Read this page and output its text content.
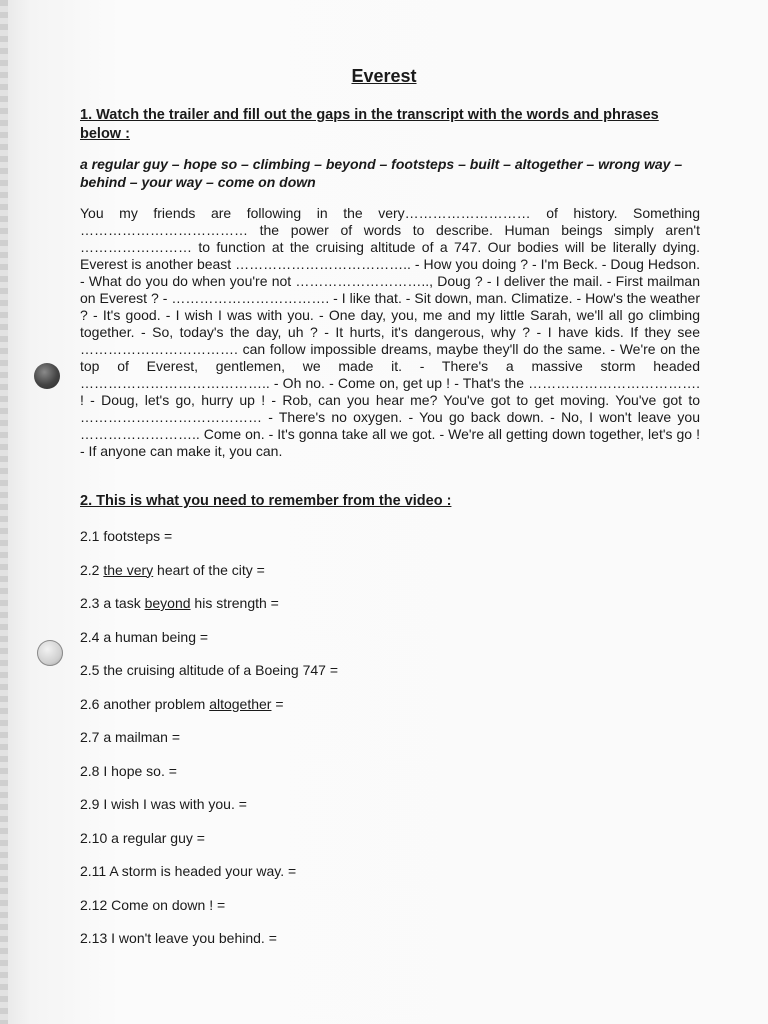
Everest
1. Watch the trailer and fill out the gaps in the transcript with the words and phrases below :
a regular guy – hope so – climbing – beyond – footsteps – built – altogether – wrong way – behind – your way – come on down
You my friends are following in the very……………………… of history. Something ……………………………… the power of words to describe. Human beings simply aren't …………………… to function at the cruising altitude of a 747. Our bodies will be literally dying. Everest is another beast ……………………………….. - How you doing ? - I'm Beck. - Doug Hedson. - What do you do when you're not ……………………….., Doug ? - I deliver the mail. - First mailman on Everest ? - ……………………………. - I like that. - Sit down, man. Climatize. - How's the weather ? - It's good. - I wish I was with you. - One day, you, me and my little Sarah, we'll all go climbing together. - So, today's the day, uh ? - It hurts, it's dangerous, why ? - I have kids. If they see ……………………………. can follow impossible dreams, maybe they'll do the same. - We're on the top of Everest, gentlemen, we made it. - There's a massive storm headed ………………………………….. - Oh no. - Come on, get up ! - That's the ………………………………. ! - Doug, let's go, hurry up ! - Rob, can you hear me? You've got to get moving. You've got to ………………………………… - There's no oxygen. - You go back down. - No, I won't leave you …………………….. Come on. - It's gonna take all we got. - We're all getting down together, let's go ! - If anyone can make it, you can.
2. This is what you need to remember from the video :
2.1 footsteps =
2.2 the very heart of the city =
2.3 a task beyond his strength =
2.4 a human being =
2.5 the cruising altitude of a Boeing 747 =
2.6 another problem altogether =
2.7 a mailman =
2.8 I hope so. =
2.9 I wish I was with you. =
2.10 a regular guy =
2.11 A storm is headed your way. =
2.12 Come on down ! =
2.13 I won't leave you behind. =
